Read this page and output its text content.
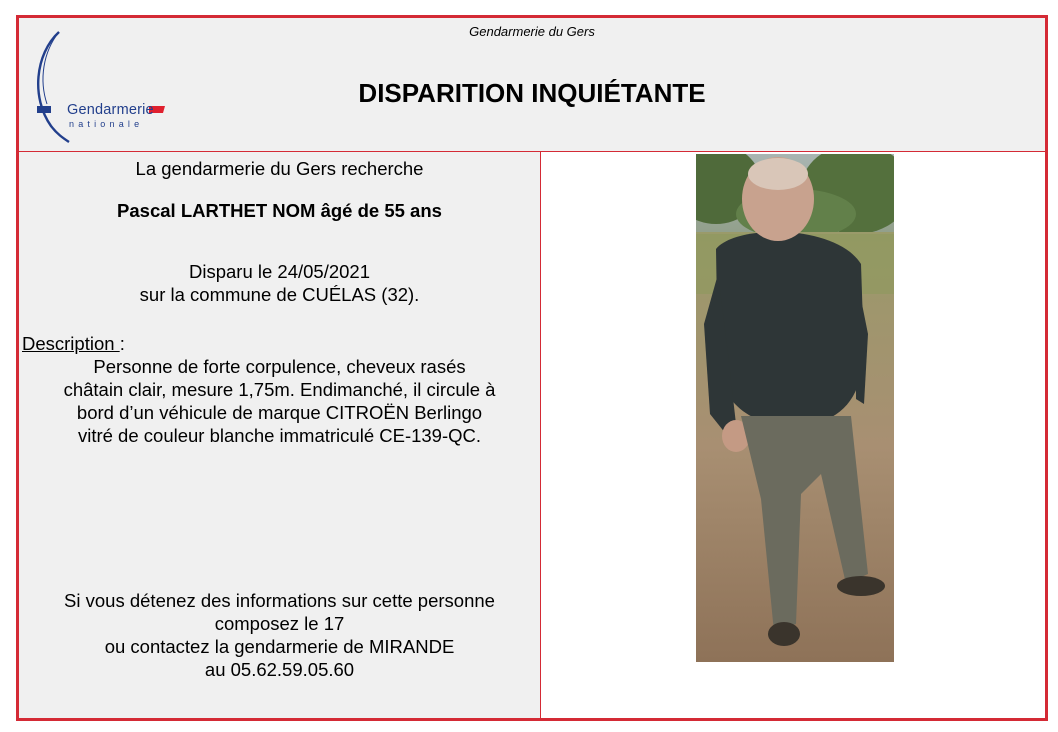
Gendarmerie
nationale
Gendarmerie du Gers
DISPARITION INQUIÉTANTE
La gendarmerie du Gers recherche
Pascal LARTHET NOM âgé de 55 ans
Disparu le 24/05/2021
sur la commune de CUÉLAS (32).
Description :
Personne de forte corpulence, cheveux rasés
châtain clair, mesure 1,75m. Endimanché, il circule à
bord d’un véhicule de marque CITROËN Berlingo
vitré de couleur blanche immatriculé CE-139-QC.
Si vous détenez des informations sur cette personne
composez le 17
ou contactez la gendarmerie de MIRANDE
au 05.62.59.05.60
